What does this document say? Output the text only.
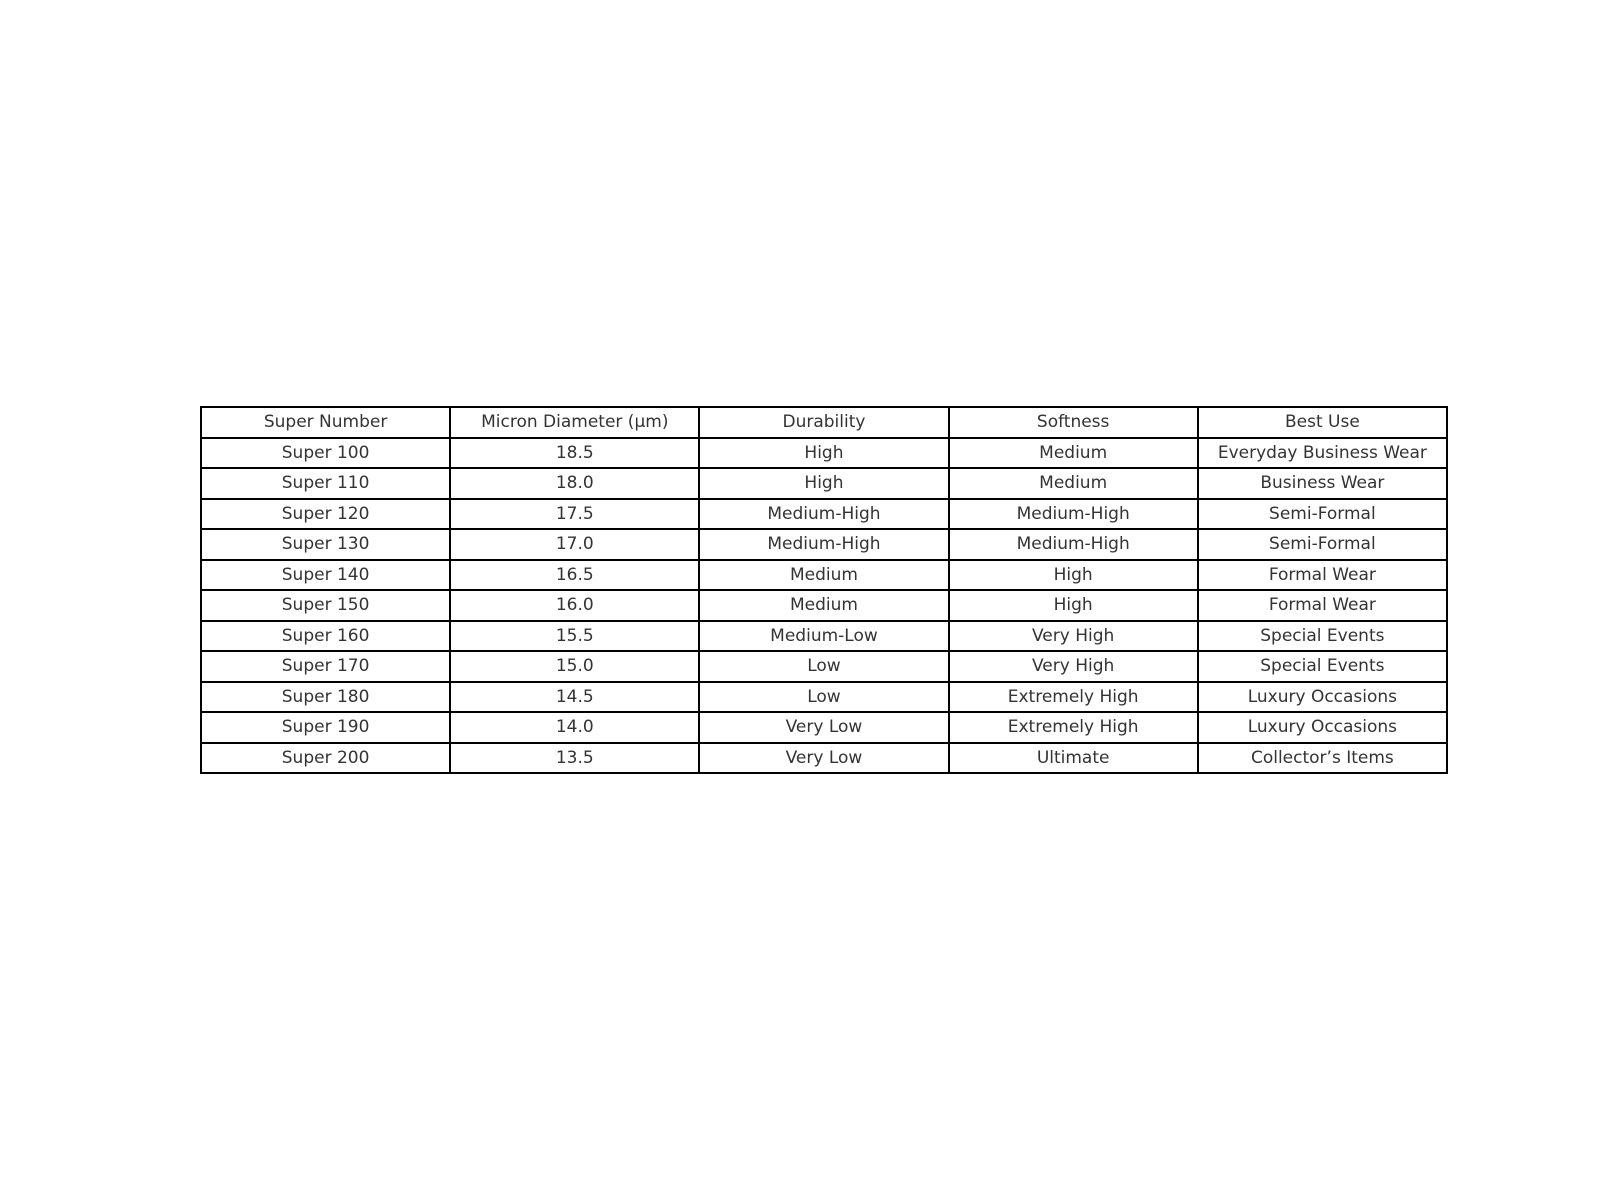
Super Number	Micron Diameter (µm)	Durability	Softness	Best Use
Super 100	18.5	High	Medium	Everyday Business Wear
Super 110	18.0	High	Medium	Business Wear
Super 120	17.5	Medium-High	Medium-High	Semi-Formal
Super 130	17.0	Medium-High	Medium-High	Semi-Formal
Super 140	16.5	Medium	High	Formal Wear
Super 150	16.0	Medium	High	Formal Wear
Super 160	15.5	Medium-Low	Very High	Special Events
Super 170	15.0	Low	Very High	Special Events
Super 180	14.5	Low	Extremely High	Luxury Occasions
Super 190	14.0	Very Low	Extremely High	Luxury Occasions
Super 200	13.5	Very Low	Ultimate	Collector’s Items
